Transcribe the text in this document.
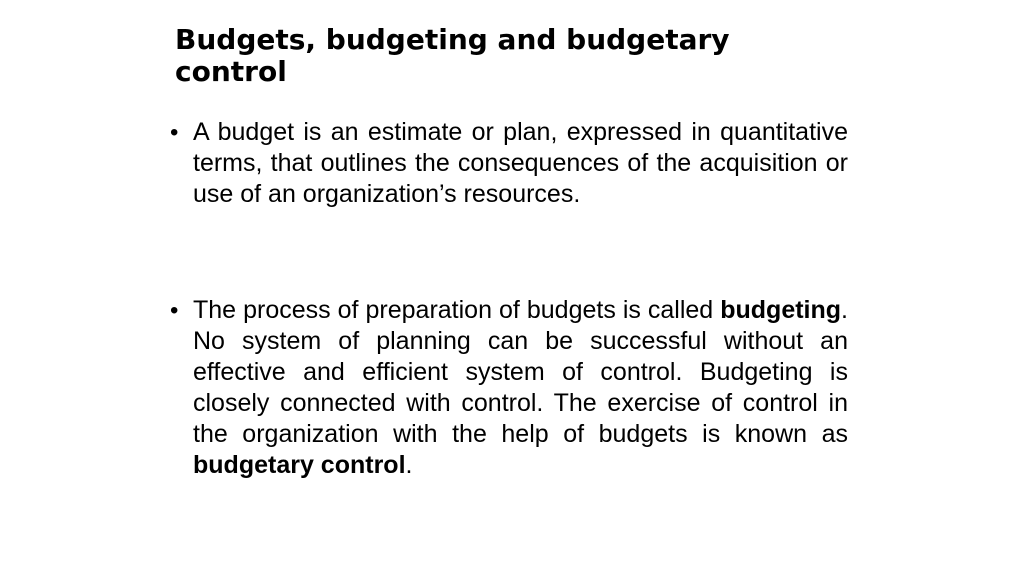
Budgets, budgeting and budgetary control
• A budget is an estimate or plan, expressed in quantitative terms, that outlines the consequences of the acquisition or use of an organization’s resources.

• The process of preparation of budgets is called budgeting. No system of planning can be successful without an effective and efficient system of control. Budgeting is closely connected with control. The exercise of control in the organization with the help of budgets is known as budgetary control.
